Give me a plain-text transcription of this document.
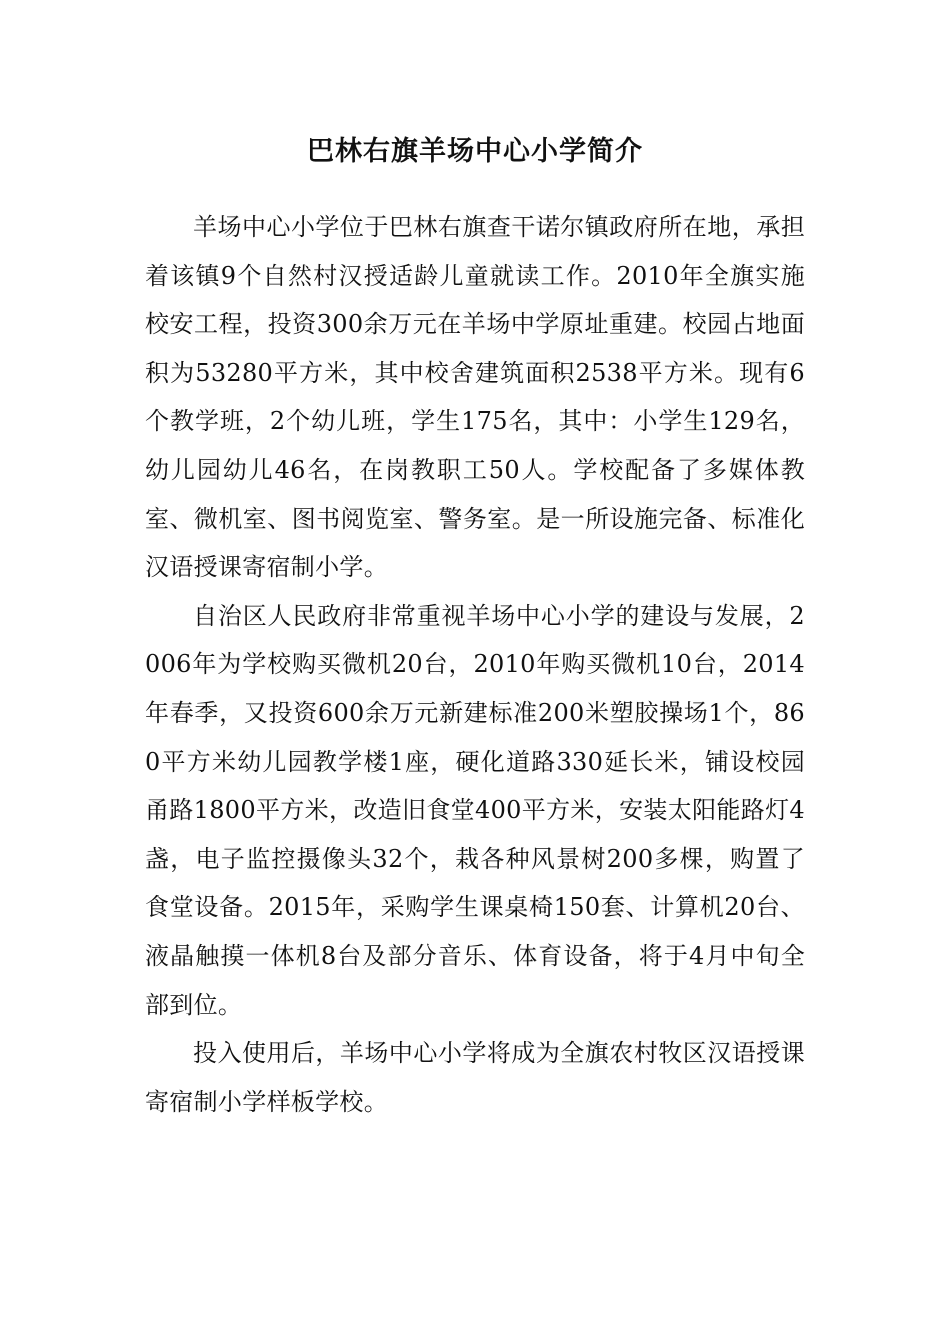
巴林右旗羊场中心小学简介

羊场中心小学位于巴林右旗查干诺尔镇政府所在地，承担着该镇9个自然村汉授适龄儿童就读工作。2010年全旗实施校安工程，投资300余万元在羊场中学原址重建。校园占地面积为53280平方米，其中校舍建筑面积2538平方米。现有6个教学班，2个幼儿班，学生175名，其中：小学生129名，幼儿园幼儿46名，在岗教职工50人。学校配备了多媒体教室、微机室、图书阅览室、警务室。是一所设施完备、标准化汉语授课寄宿制小学。

自治区人民政府非常重视羊场中心小学的建设与发展，2006年为学校购买微机20台，2010年购买微机10台，2014年春季，又投资600余万元新建标准200米塑胶操场1个，860平方米幼儿园教学楼1座，硬化道路330延长米，铺设校园甬路1800平方米，改造旧食堂400平方米，安装太阳能路灯4盏，电子监控摄像头32个，栽各种风景树200多棵，购置了食堂设备。2015年，采购学生课桌椅150套、计算机20台、液晶触摸一体机8台及部分音乐、体育设备，将于4月中旬全部到位。

投入使用后，羊场中心小学将成为全旗农村牧区汉语授课寄宿制小学样板学校。
